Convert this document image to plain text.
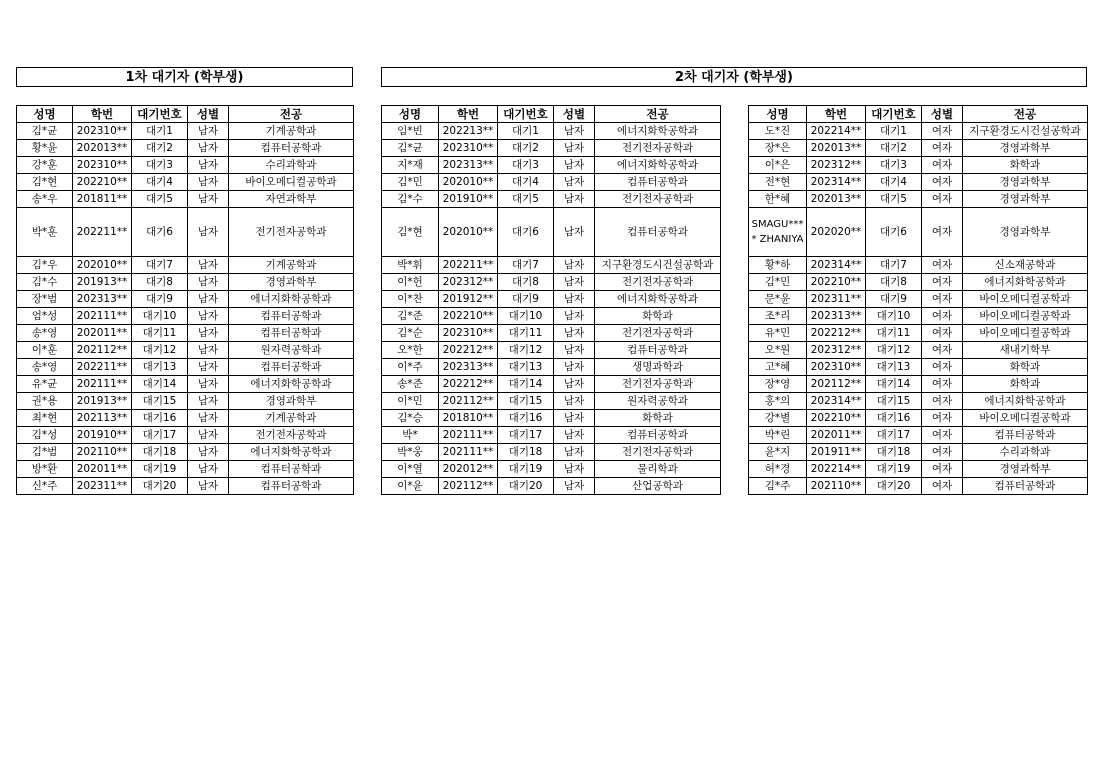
1차 대기자 (학부생)	2차 대기자 (학부생)
성명	학번	대기번호	성별	전공
김*균	202310**	대기1	남자	기계공학과
황*윤	202013**	대기2	남자	컴퓨터공학과
강*훈	202310**	대기3	남자	수리과학과
김*현	202210**	대기4	남자	바이오메디컬공학과
송*우	201811**	대기5	남자	자연과학부
박*훈	202211**	대기6	남자	전기전자공학과
김*우	202010**	대기7	남자	기계공학과
김*수	201913**	대기8	남자	경영과학부
장*범	202313**	대기9	남자	에너지화학공학과
엄*성	202111**	대기10	남자	컴퓨터공학과
송*영	202011**	대기11	남자	컴퓨터공학과
이*훈	202112**	대기12	남자	원자력공학과
송*영	202211**	대기13	남자	컴퓨터공학과
유*균	202111**	대기14	남자	에너지화학공학과
권*용	201913**	대기15	남자	경영과학부
최*현	202113**	대기16	남자	기계공학과
김*성	201910**	대기17	남자	전기전자공학과
김*범	202110**	대기18	남자	에너지화학공학과
방*환	202011**	대기19	남자	컴퓨터공학과
신*주	202311**	대기20	남자	컴퓨터공학과
성명	학번	대기번호	성별	전공
임*빈	202213**	대기1	남자	에너지화학공학과
김*균	202310**	대기2	남자	전기전자공학과
지*재	202313**	대기3	남자	에너지화학공학과
김*민	202010**	대기4	남자	컴퓨터공학과
김*수	201910**	대기5	남자	전기전자공학과
김*현	202010**	대기6	남자	컴퓨터공학과
박*휘	202211**	대기7	남자	지구환경도시건설공학과
이*헌	202312**	대기8	남자	전기전자공학과
이*찬	201912**	대기9	남자	에너지화학공학과
김*준	202210**	대기10	남자	화학과
김*순	202310**	대기11	남자	전기전자공학과
오*한	202212**	대기12	남자	컴퓨터공학과
이*주	202313**	대기13	남자	생명과학과
송*준	202212**	대기14	남자	전기전자공학과
이*민	202112**	대기15	남자	원자력공학과
김*승	201810**	대기16	남자	화학과
박*	202111**	대기17	남자	컴퓨터공학과
박*웅	202111**	대기18	남자	전기전자공학과
이*열	202012**	대기19	남자	물리학과
이*윤	202112**	대기20	남자	산업공학과
성명	학번	대기번호	성별	전공
도*진	202214**	대기1	여자	지구환경도시건설공학과
장*은	202013**	대기2	여자	경영과학부
이*은	202312**	대기3	여자	화학과
전*현	202314**	대기4	여자	경영과학부
한*혜	202013**	대기5	여자	경영과학부
SMAGU*** * ZHANIYA	202020**	대기6	여자	경영과학부
황*하	202314**	대기7	여자	신소재공학과
김*민	202210**	대기8	여자	에너지화학공학과
문*윤	202311**	대기9	여자	바이오메디컬공학과
조*리	202313**	대기10	여자	바이오메디컬공학과
유*민	202212**	대기11	여자	바이오메디컬공학과
오*원	202312**	대기12	여자	새내기학부
고*혜	202310**	대기13	여자	화학과
장*영	202112**	대기14	여자	화학과
홍*의	202314**	대기15	여자	에너지화학공학과
강*별	202210**	대기16	여자	바이오메디컬공학과
박*린	202011**	대기17	여자	컴퓨터공학과
윤*지	201911**	대기18	여자	수리과학과
허*경	202214**	대기19	여자	경영과학부
김*주	202110**	대기20	여자	컴퓨터공학과
